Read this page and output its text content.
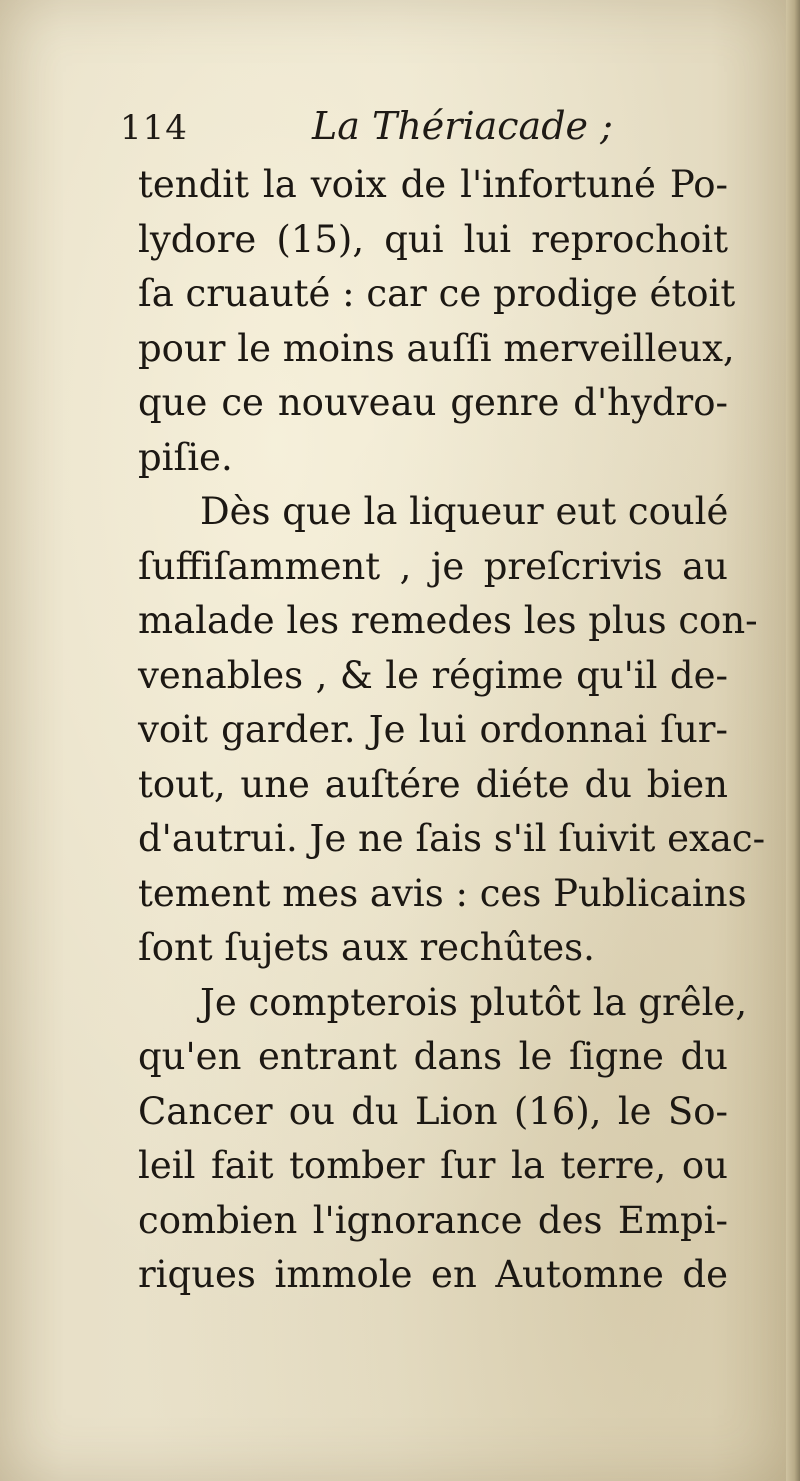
114	La Thériacade ;
tendit la voix de l'infortuné Po-
lydore (15), qui lui reprochoit
ſa cruauté : car ce prodige étoit
pour le moins auſſi merveilleux,
que ce nouveau genre d'hydro-
piſie.
Dès que la liqueur eut coulé
ſuffiſamment , je preſcrivis au
malade les remedes les plus con-
venables , & le régime qu'il de-
voit garder. Je lui ordonnai ſur-
tout, une auſtére diéte du bien
d'autrui. Je ne ſais s'il ſuivit exac-
tement mes avis : ces Publicains
ſont ſujets aux rechûtes.
Je compterois plutôt la grêle,
qu'en entrant dans le ſigne du
Cancer ou du Lion (16), le So-
leil fait tomber ſur la terre, ou
combien l'ignorance des Empi-
riques immole en Automne de
